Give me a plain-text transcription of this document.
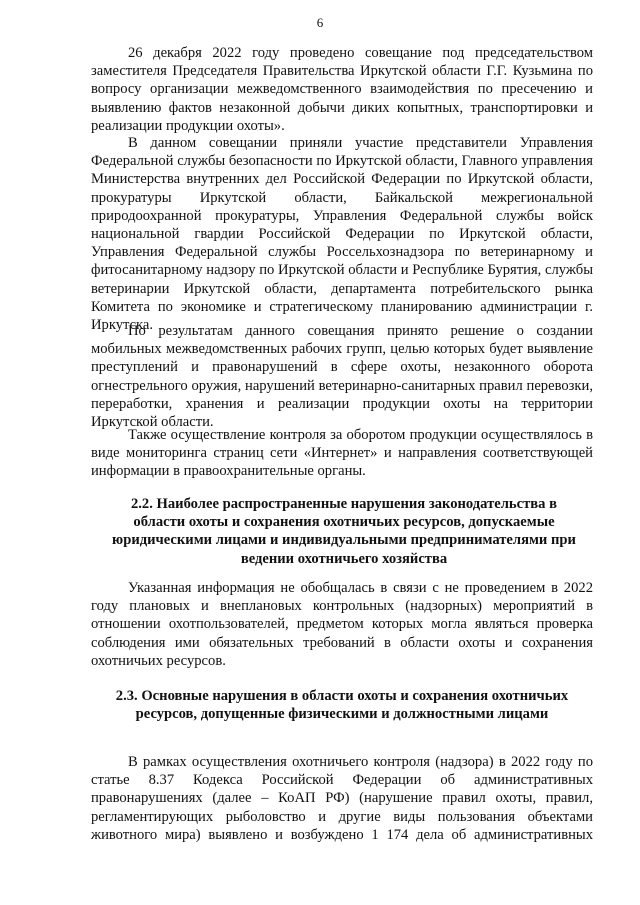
6

26 декабря 2022 году проведено совещание под председательством заместителя Председателя Правительства Иркутской области Г.Г. Кузьмина по вопросу организации межведомственного взаимодействия по пресечению и выявлению фактов незаконной добычи диких копытных, транспортировки и реализации продукции охоты».

В данном совещании приняли участие представители Управления Федеральной службы безопасности по Иркутской области, Главного управления Министерства внутренних дел Российской Федерации по Иркутской области, прокуратуры Иркутской области, Байкальской межрегиональной природоохранной прокуратуры, Управления Федеральной службы войск национальной гвардии Российской Федерации по Иркутской области, Управления Федеральной службы Россельхознадзора по ветеринарному и фитосанитарному надзору по Иркутской области и Республике Бурятия, службы ветеринарии Иркутской области, департамента потребительского рынка Комитета по экономике и стратегическому планированию администрации г. Иркутска.

По результатам данного совещания принято решение о создании мобильных межведомственных рабочих групп, целью которых будет выявление преступлений и правонарушений в сфере охоты, незаконного оборота огнестрельного оружия, нарушений ветеринарно-санитарных правил перевозки, переработки, хранения и реализации продукции охоты на территории Иркутской области.

Также осуществление контроля за оборотом продукции осуществлялось в виде мониторинга страниц сети «Интернет» и направления соответствующей информации в правоохранительные органы.

2.2. Наиболее распространенные нарушения законодательства в области охоты и сохранения охотничьих ресурсов, допускаемые юридическими лицами и индивидуальными предпринимателями при ведении охотничьего хозяйства

Указанная информация не обобщалась в связи с не проведением в 2022 году плановых и внеплановых контрольных (надзорных) мероприятий в отношении охотпользователей, предметом которых могла являться проверка соблюдения ими обязательных требований в области охоты и сохранения охотничьих ресурсов.

2.3. Основные нарушения в области охоты и сохранения охотничьих ресурсов, допущенные физическими и должностными лицами

В рамках осуществления охотничьего контроля (надзора) в 2022 году по статье 8.37 Кодекса Российской Федерации об административных правонарушениях (далее – КоАП РФ) (нарушение правил охоты, правил, регламентирующих рыболовство и другие виды пользования объектами животного мира) выявлено и возбуждено 1 174 дела об административных
